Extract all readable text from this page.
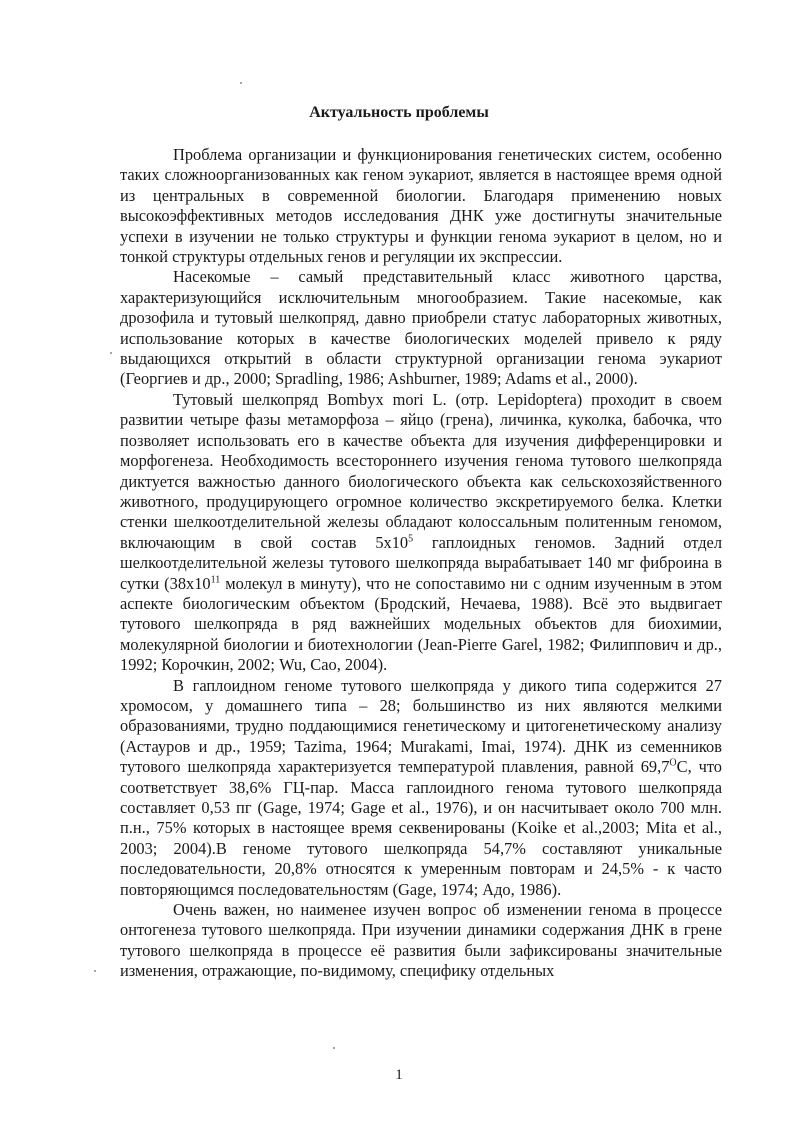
Актуальность проблемы

Проблема организации и функционирования генетических систем, особенно таких сложноорганизованных как геном эукариот, является в настоящее время одной из центральных в современной биологии. Благодаря применению новых высокоэффективных методов исследования ДНК уже достигнуты значительные успехи в изучении не только структуры и функции генома эукариот в целом, но и тонкой структуры отдельных генов и регуляции их экспрессии.

Насекомые – самый представительный класс животного царства, характеризующийся исключительным многообразием. Такие насекомые, как дрозофила и тутовый шелкопряд, давно приобрели статус лабораторных животных, использование которых в качестве биологических моделей привело к ряду выдающихся открытий в области структурной организации генома эукариот (Георгиев и др., 2000; Spradling, 1986; Ashburner, 1989; Adams et al., 2000).

Тутовый шелкопряд Bombyx mori L. (отр. Lepidoptera) проходит в своем развитии четыре фазы метаморфоза – яйцо (грена), личинка, куколка, бабочка, что позволяет использовать его в качестве объекта для изучения дифференцировки и морфогенеза. Необходимость всестороннего изучения генома тутового шелкопряда диктуется важностью данного биологического объекта как сельскохозяйственного животного, продуцирующего огромное количество экскретируемого белка. Клетки стенки шелкоотделительной железы обладают колоссальным политенным геномом, включающим в свой состав $5х10^5$ гаплоидных геномов. Задний отдел шелкоотделительной железы тутового шелкопряда вырабатывает 140 мг фиброина в сутки ($38х10^{11}$ молекул в минуту), что не сопоставимо ни с одним изученным в этом аспекте биологическим объектом (Бродский, Нечаева, 1988). Всё это выдвигает тутового шелкопряда в ряд важнейших модельных объектов для биохимии, молекулярной биологии и биотехнологии (Jean-Pierre Garel, 1982; Филиппович и др., 1992; Корочкин, 2002; Wu, Cao, 2004).

В гаплоидном геноме тутового шелкопряда у дикого типа содержится 27 хромосом, у домашнего типа – 28; большинство из них являются мелкими образованиями, трудно поддающимися генетическому и цитогенетическому анализу (Астауров и др., 1959; Tazima, 1964; Murakami, Imai, 1974). ДНК из семенников тутового шелкопряда характеризуется температурой плавления, равной $69,7^ОС$, что соответствует 38,6% ГЦ-пар. Масса гаплоидного генома тутового шелкопряда составляет 0,53 пг (Gage, 1974; Gage et al., 1976), и он насчитывает около 700 млн. п.н., 75% которых в настоящее время секвенированы (Koike et al.,2003; Mita et al., 2003; 2004).В геноме тутового шелкопряда 54,7% составляют уникальные последовательности, 20,8% относятся к умеренным повторам и 24,5% - к часто повторяющимся последовательностям (Gage, 1974; Адо, 1986).

Очень важен, но наименее изучен вопрос об изменении генома в процессе онтогенеза тутового шелкопряда. При изучении динамики содержания ДНК в грене тутового шелкопряда в процессе её развития были зафиксированы значительные изменения, отражающие, по-видимому, специфику отдельных

1
